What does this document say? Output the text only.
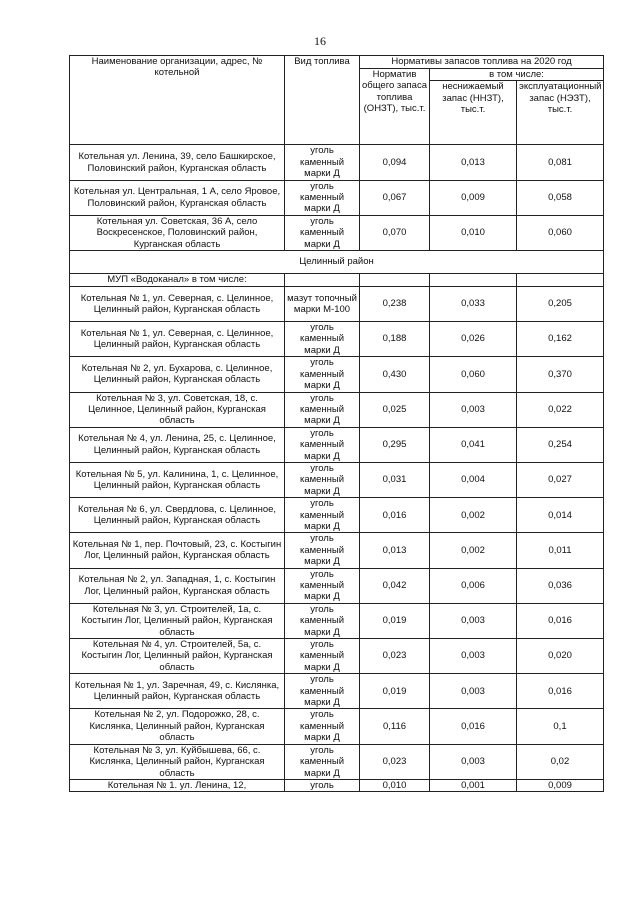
16
Наименование организации, адрес, № котельной	Вид топлива	Нормативы запасов топлива на 2020 год		
		Норматив общего запаса топлива (ОНЗТ), тыс.т.	в том числе:	
			неснижаемый запас (ННЗТ), тыс.т.	эксплуатационный запас (НЭЗТ), тыс.т.
Котельная ул. Ленина, 39, село Башкирское, Половинский район, Курганская область	уголь каменный марки Д	0,094	0,013	0,081
Котельная ул. Центральная, 1 А, село Яровое, Половинский район, Курганская область	уголь каменный марки Д	0,067	0,009	0,058
Котельная ул. Советская, 36 А, село Воскресенское, Половинский район, Курганская область	уголь каменный марки Д	0,070	0,010	0,060
Целинный район				
МУП «Водоканал» в том числе:				
Котельная № 1, ул. Северная, с. Целинное, Целинный район, Курганская область	мазут топочный марки М-100	0,238	0,033	0,205
Котельная № 1, ул. Северная, с. Целинное, Целинный район, Курганская область	уголь каменный марки Д	0,188	0,026	0,162
Котельная № 2, ул. Бухарова, с. Целинное, Целинный район, Курганская область	уголь каменный марки Д	0,430	0,060	0,370
Котельная № 3, ул. Советская, 18, с. Целинное, Целинный район, Курганская область	уголь каменный марки Д	0,025	0,003	0,022
Котельная № 4, ул. Ленина, 25, с. Целинное, Целинный район, Курганская область	уголь каменный марки Д	0,295	0,041	0,254
Котельная № 5, ул. Калинина, 1, с. Целинное, Целинный район, Курганская область	уголь каменный марки Д	0,031	0,004	0,027
Котельная № 6, ул. Свердлова, с. Целинное, Целинный район, Курганская область	уголь каменный марки Д	0,016	0,002	0,014
Котельная № 1, пер. Почтовый, 23, с. Костыгин Лог, Целинный район, Курганская область	уголь каменный марки Д	0,013	0,002	0,011
Котельная № 2, ул. Западная, 1, с. Костыгин Лог, Целинный район, Курганская область	уголь каменный марки Д	0,042	0,006	0,036
Котельная № 3, ул. Строителей, 1а, с. Костыгин Лог, Целинный район, Курганская область	уголь каменный марки Д	0,019	0,003	0,016
Котельная № 4, ул. Строителей, 5а, с. Костыгин Лог, Целинный район, Курганская область	уголь каменный марки Д	0,023	0,003	0,020
Котельная № 1, ул. Заречная, 49, с. Кислянка, Целинный район, Курганская область	уголь каменный марки Д	0,019	0,003	0,016
Котельная № 2, ул. Подорожко, 28, с. Кислянка, Целинный район, Курганская область	уголь каменный марки Д	0,116	0,016	0,1
Котельная № 3, ул. Куйбышева, 66, с. Кислянка, Целинный район, Курганская область	уголь каменный марки Д	0,023	0,003	0,02
Котельная № 1. ул. Ленина, 12,	уголь	0,010	0,001	0,009
